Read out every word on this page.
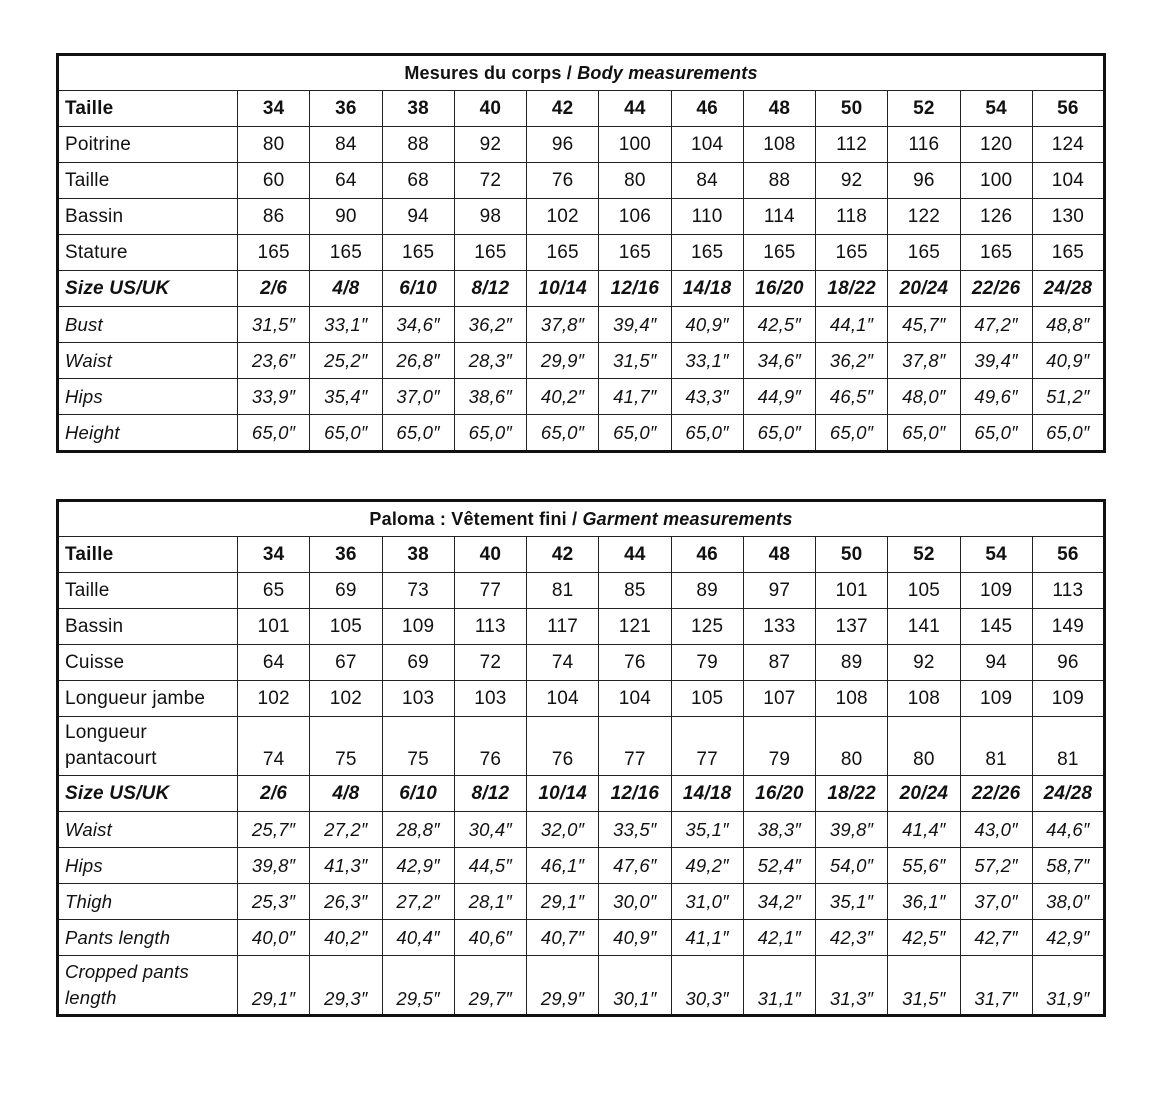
Mesures du corps / Body measurements												
Taille	34	36	38	40	42	44	46	48	50	52	54	56
Poitrine	80	84	88	92	96	100	104	108	112	116	120	124
Taille	60	64	68	72	76	80	84	88	92	96	100	104
Bassin	86	90	94	98	102	106	110	114	118	122	126	130
Stature	165	165	165	165	165	165	165	165	165	165	165	165
Size US/UK	2/6	4/8	6/10	8/12	10/14	12/16	14/18	16/20	18/22	20/24	22/26	24/28
Bust	31,5″	33,1″	34,6″	36,2″	37,8″	39,4″	40,9″	42,5″	44,1″	45,7″	47,2″	48,8″
Waist	23,6″	25,2″	26,8″	28,3″	29,9″	31,5″	33,1″	34,6″	36,2″	37,8″	39,4″	40,9″
Hips	33,9″	35,4″	37,0″	38,6″	40,2″	41,7″	43,3″	44,9″	46,5″	48,0″	49,6″	51,2″
Height	65,0″	65,0″	65,0″	65,0″	65,0″	65,0″	65,0″	65,0″	65,0″	65,0″	65,0″	65,0″
Paloma : Vêtement fini / Garment measurements												
Taille	34	36	38	40	42	44	46	48	50	52	54	56
Taille	65	69	73	77	81	85	89	97	101	105	109	113
Bassin	101	105	109	113	117	121	125	133	137	141	145	149
Cuisse	64	67	69	72	74	76	79	87	89	92	94	96
Longueur jambe	102	102	103	103	104	104	105	107	108	108	109	109
Longueur pantacourt	74	75	75	76	76	77	77	79	80	80	81	81
Size US/UK	2/6	4/8	6/10	8/12	10/14	12/16	14/18	16/20	18/22	20/24	22/26	24/28
Waist	25,7″	27,2″	28,8″	30,4″	32,0″	33,5″	35,1″	38,3″	39,8″	41,4″	43,0″	44,6″
Hips	39,8″	41,3″	42,9″	44,5″	46,1″	47,6″	49,2″	52,4″	54,0″	55,6″	57,2″	58,7″
Thigh	25,3″	26,3″	27,2″	28,1″	29,1″	30,0″	31,0″	34,2″	35,1″	36,1″	37,0″	38,0″
Pants length	40,0″	40,2″	40,4″	40,6″	40,7″	40,9″	41,1″	42,1″	42,3″	42,5″	42,7″	42,9″
Cropped pants length	29,1″	29,3″	29,5″	29,7″	29,9″	30,1″	30,3″	31,1″	31,3″	31,5″	31,7″	31,9″
